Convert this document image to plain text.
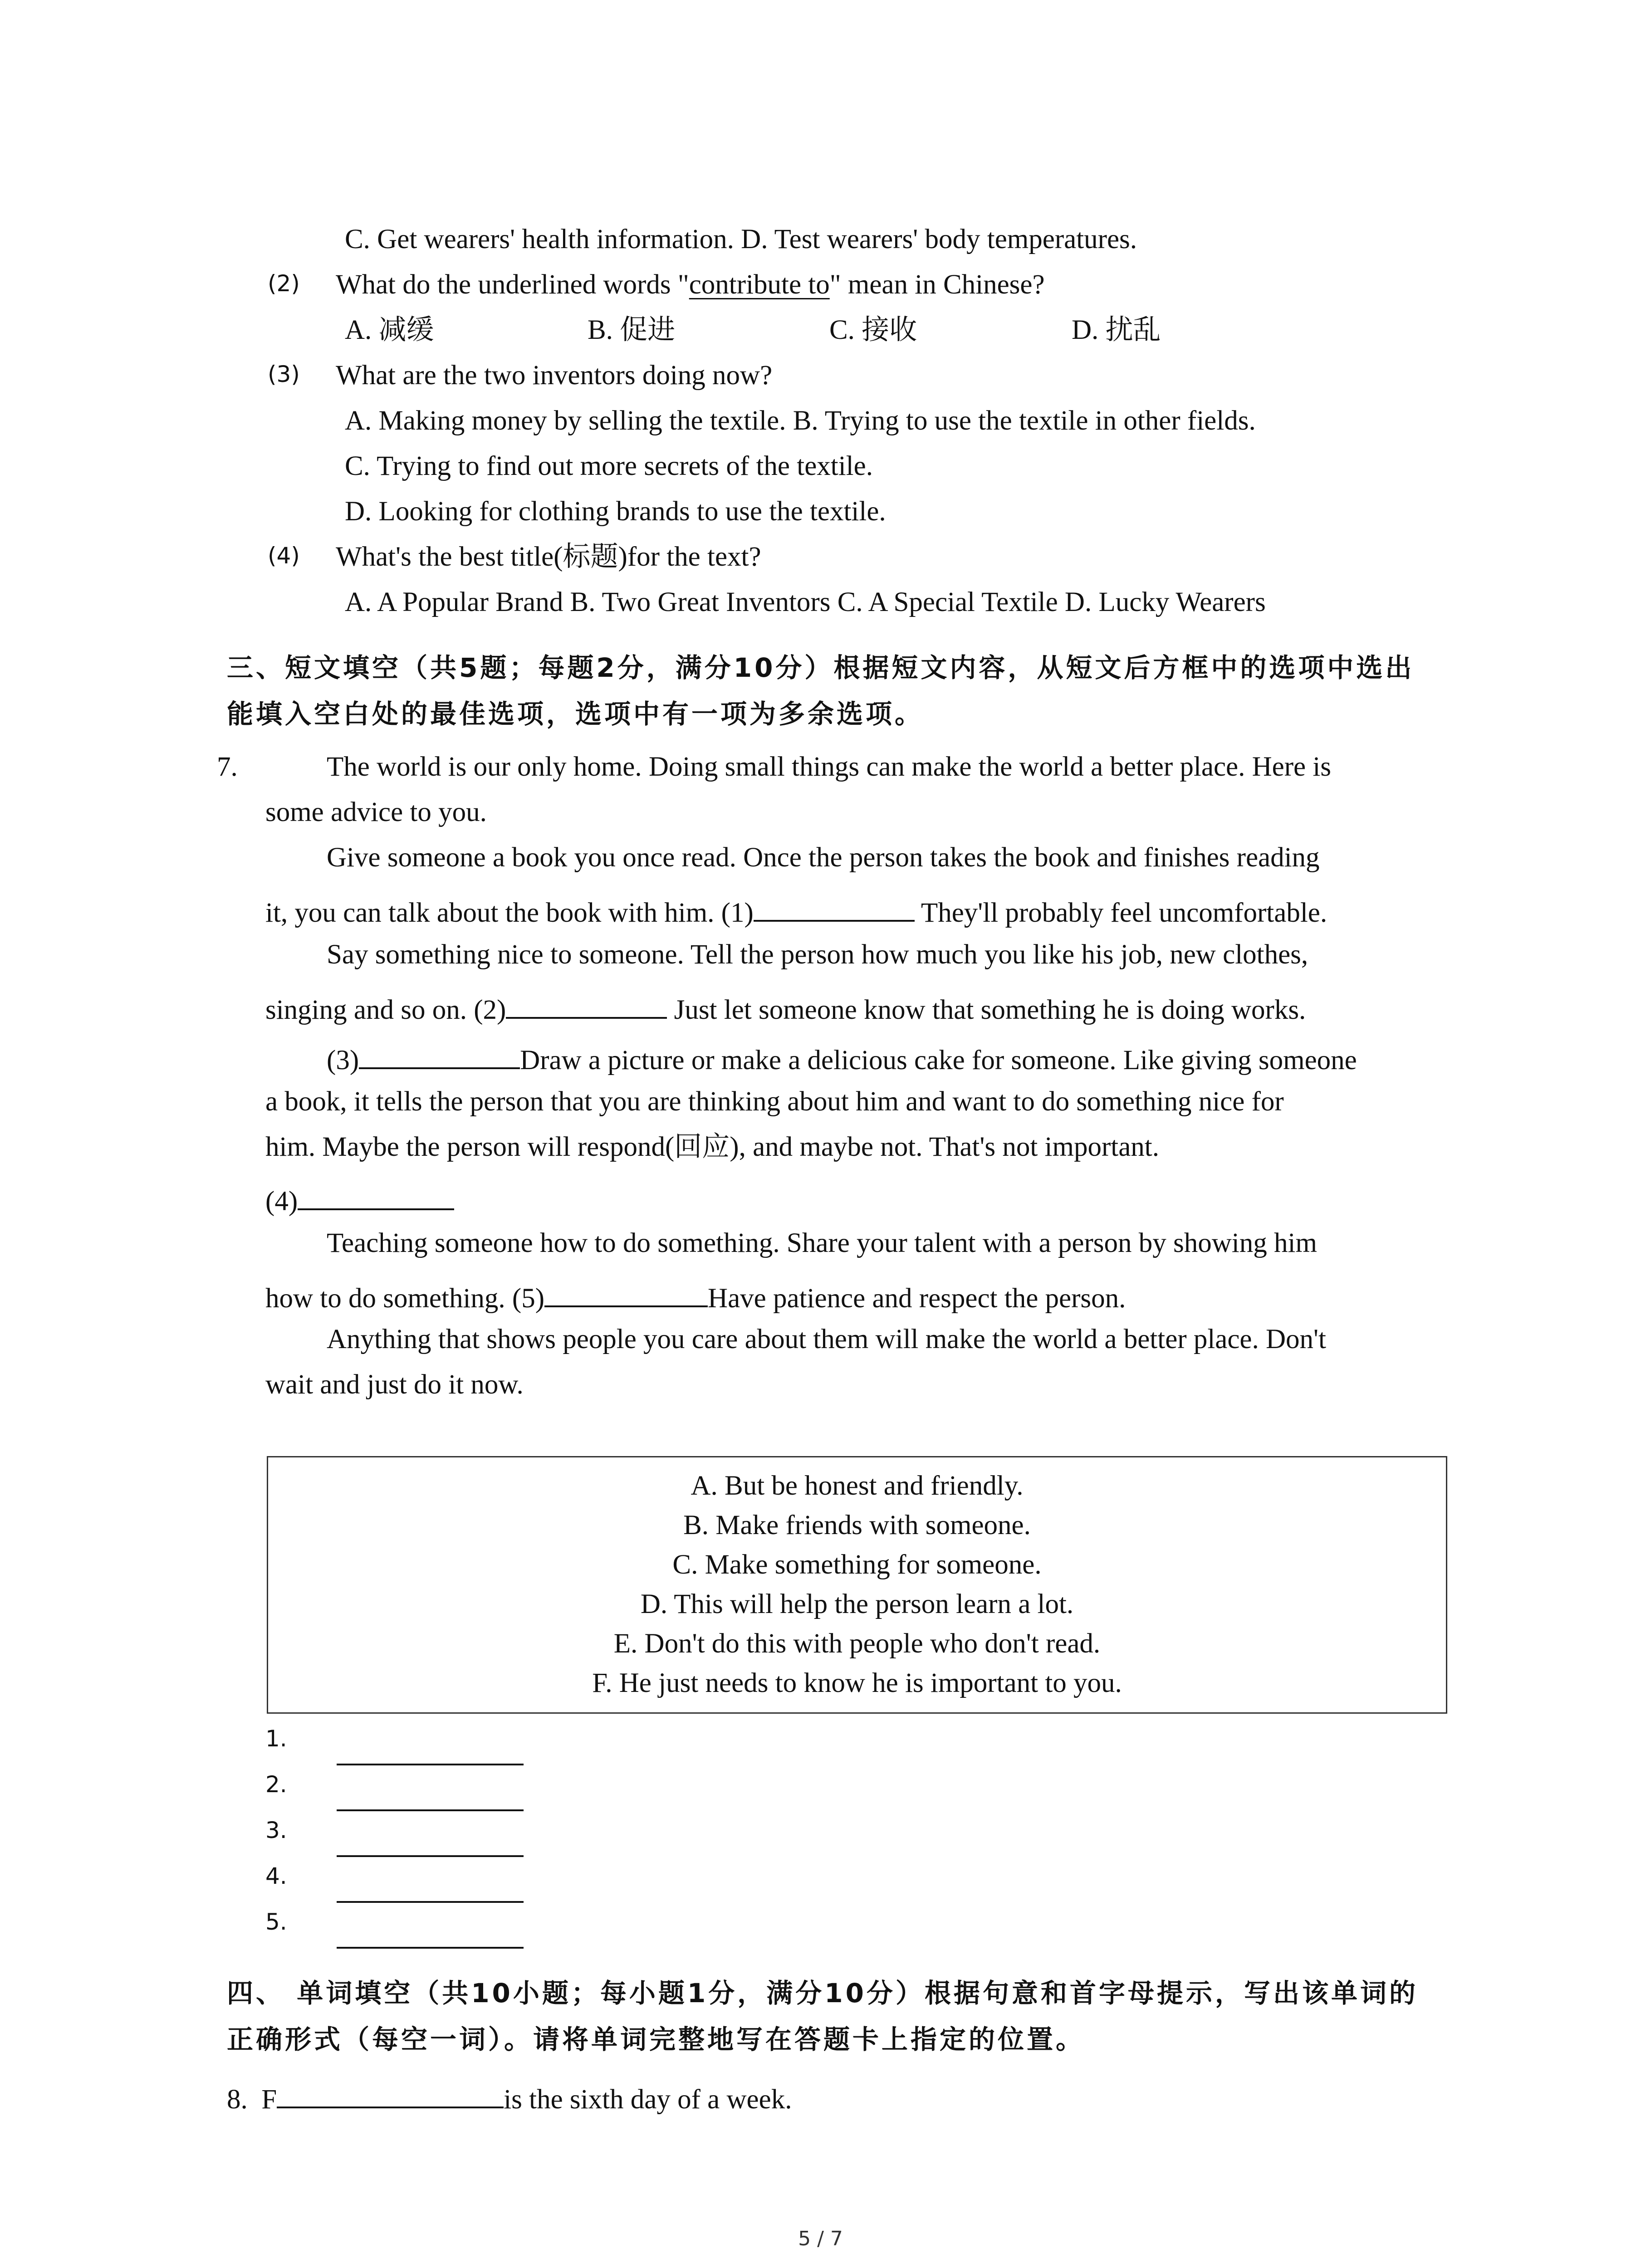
C. Get wearers' health information. D. Test wearers' body temperatures.
(2) What do the underlined words "contribute to" mean in Chinese?
A. 减缓	B. 促进	C. 接收	D. 扰乱
(3) What are the two inventors doing now?
A. Making money by selling the textile. B. Trying to use the textile in other fields.
C. Trying to find out more secrets of the textile.
D. Looking for clothing brands to use the textile.
(4) What's the best title(标题)for the text?
A. A Popular Brand B. Two Great Inventors C. A Special Textile D. Lucky Wearers
三、短文填空（共5题；每题2分，满分10分）根据短文内容，从短文后方框中的选项中选出
能填入空白处的最佳选项，选项中有一项为多余选项。
7.	The world is our only home. Doing small things can make the world a better place. Here is
some advice to you.
Give someone a book you once read. Once the person takes the book and finishes reading
it, you can talk about the book with him. (1)	They'll probably feel uncomfortable.
Say something nice to someone. Tell the person how much you like his job, new clothes,
singing and so on. (2)	Just let someone know that something he is doing works.
(3)	Draw a picture or make a delicious cake for someone. Like giving someone
a book, it tells the person that you are thinking about him and want to do something nice for
him. Maybe the person will respond(回应), and maybe not. That's not important.
(4)
Teaching someone how to do something. Share your talent with a person by showing him
how to do something. (5)	Have patience and respect the person.
Anything that shows people you care about them will make the world a better place. Don't
wait and just do it now.
A. But be honest and friendly.
B. Make friends with someone.
C. Make something for someone.
D. This will help the person learn a lot.
E. Don't do this with people who don't read.
F. He just needs to know he is important to you.
1.
2.
3.
4.
5.
四、 单词填空（共10小题；每小题1分，满分10分）根据句意和首字母提示，写出该单词的
正确形式（每空一词）。请将单词完整地写在答题卡上指定的位置。
8. F	is the sixth day of a week.
5 / 7
